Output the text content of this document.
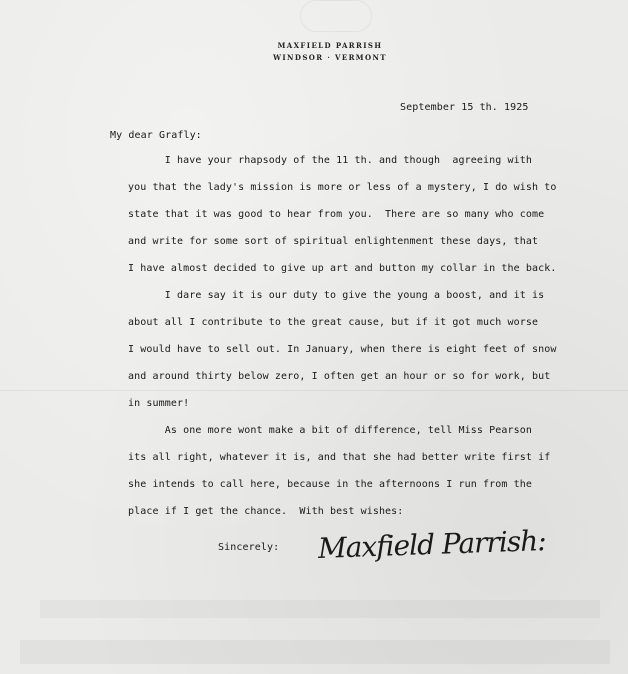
MAXFIELD PARRISH
WINDSOR · VERMONT
September 15 th. 1925
My dear Grafly:
I have your rhapsody of the 11 th. and though  agreeing with
you that the lady's mission is more or less of a mystery, I do wish to
state that it was good to hear from you.  There are so many who come
and write for some sort of spiritual enlightenment these days, that
I have almost decided to give up art and button my collar in the back.
I dare say it is our duty to give the young a boost, and it is
about all I contribute to the great cause, but if it got much worse
I would have to sell out. In January, when there is eight feet of snow
and around thirty below zero, I often get an hour or so for work, but
in summer!
As one more wont make a bit of difference, tell Miss Pearson
its all right, whatever it is, and that she had better write first if
she intends to call here, because in the afternoons I run from the
place if I get the chance.  With best wishes:
Sincerely: Maxfield Parrish:
